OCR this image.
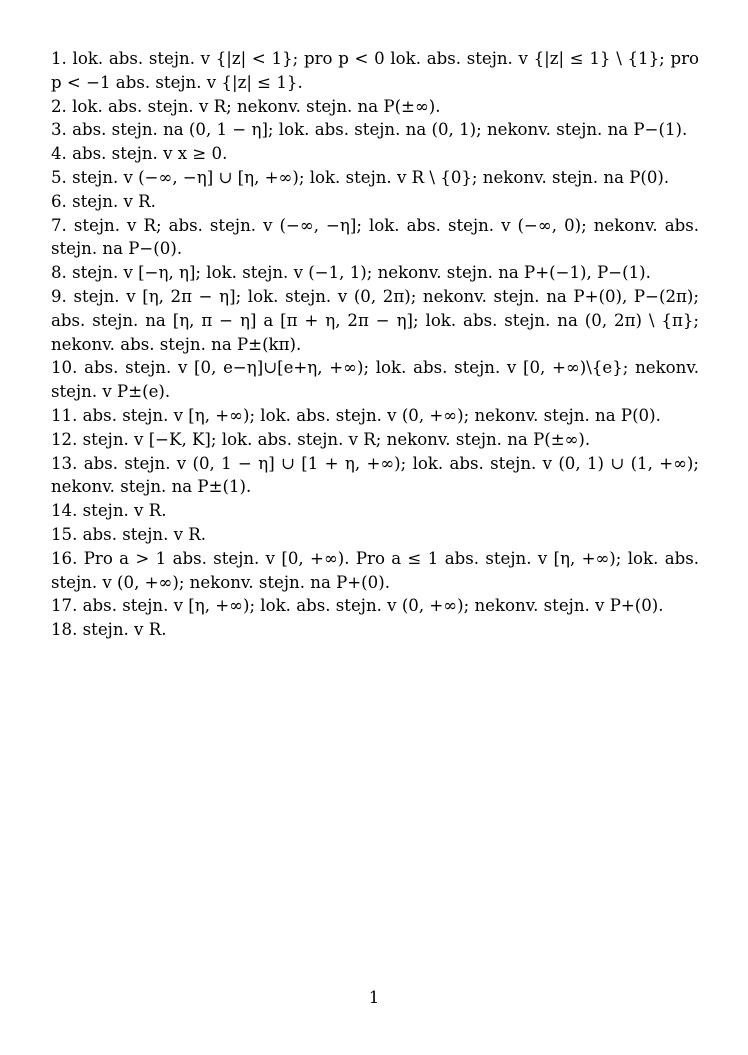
1. lok. abs. stejn. v {|z| < 1}; pro p < 0 lok. abs. stejn. v {|z| ≤ 1} \ {1}; pro p < −1 abs. stejn. v {|z| ≤ 1}.

2. lok. abs. stejn. v R; nekonv. stejn. na P(±∞).

3. abs. stejn. na (0, 1 − η]; lok. abs. stejn. na (0, 1); nekonv. stejn. na P−(1).

4. abs. stejn. v x ≥ 0.

5. stejn. v (−∞, −η] ∪ [η, +∞); lok. stejn. v R \ {0}; nekonv. stejn. na P(0).

6. stejn. v R.

7. stejn. v R; abs. stejn. v (−∞, −η]; lok. abs. stejn. v (−∞, 0); nekonv. abs. stejn. na P−(0).

8. stejn. v [−η, η]; lok. stejn. v (−1, 1); nekonv. stejn. na P+(−1), P−(1).

9. stejn. v [η, 2π − η]; lok. stejn. v (0, 2π); nekonv. stejn. na P+(0), P−(2π); abs. stejn. na [η, π − η] a [π + η, 2π − η]; lok. abs. stejn. na (0, 2π) \ {π}; nekonv. abs. stejn. na P±(kπ).

10. abs. stejn. v [0, e−η]∪[e+η, +∞); lok. abs. stejn. v [0, +∞)\{e}; nekonv. stejn. v P±(e).

11. abs. stejn. v [η, +∞); lok. abs. stejn. v (0, +∞); nekonv. stejn. na P(0).

12. stejn. v [−K, K]; lok. abs. stejn. v R; nekonv. stejn. na P(±∞).

13. abs. stejn. v (0, 1 − η] ∪ [1 + η, +∞); lok. abs. stejn. v (0, 1) ∪ (1, +∞); nekonv. stejn. na P±(1).

14. stejn. v R.

15. abs. stejn. v R.

16. Pro a > 1 abs. stejn. v [0, +∞). Pro a ≤ 1 abs. stejn. v [η, +∞); lok. abs. stejn. v (0, +∞); nekonv. stejn. na P+(0).

17. abs. stejn. v [η, +∞); lok. abs. stejn. v (0, +∞); nekonv. stejn. v P+(0).

18. stejn. v R.

1
